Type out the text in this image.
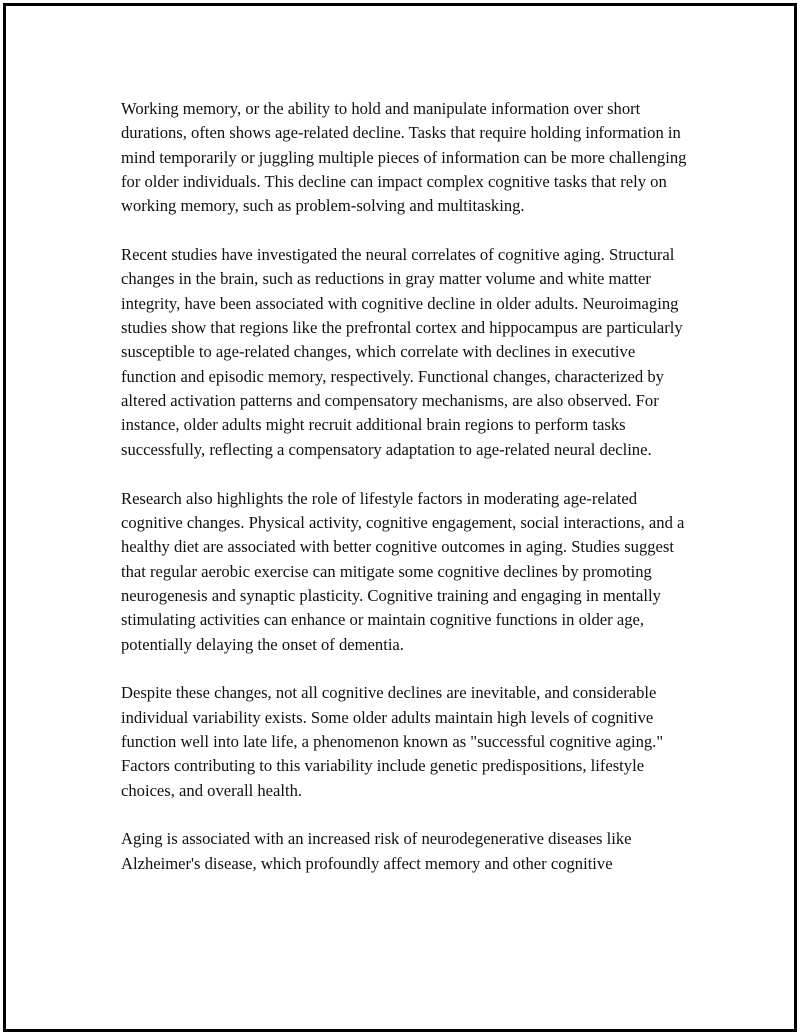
Working memory, or the ability to hold and manipulate information over short durations, often shows age-related decline. Tasks that require holding information in mind temporarily or juggling multiple pieces of information can be more challenging for older individuals. This decline can impact complex cognitive tasks that rely on working memory, such as problem-solving and multitasking.

Recent studies have investigated the neural correlates of cognitive aging. Structural changes in the brain, such as reductions in gray matter volume and white matter integrity, have been associated with cognitive decline in older adults. Neuroimaging studies show that regions like the prefrontal cortex and hippocampus are particularly susceptible to age-related changes, which correlate with declines in executive function and episodic memory, respectively. Functional changes, characterized by altered activation patterns and compensatory mechanisms, are also observed. For instance, older adults might recruit additional brain regions to perform tasks successfully, reflecting a compensatory adaptation to age-related neural decline.

Research also highlights the role of lifestyle factors in moderating age-related cognitive changes. Physical activity, cognitive engagement, social interactions, and a healthy diet are associated with better cognitive outcomes in aging. Studies suggest that regular aerobic exercise can mitigate some cognitive declines by promoting neurogenesis and synaptic plasticity. Cognitive training and engaging in mentally stimulating activities can enhance or maintain cognitive functions in older age, potentially delaying the onset of dementia.

Despite these changes, not all cognitive declines are inevitable, and considerable individual variability exists. Some older adults maintain high levels of cognitive function well into late life, a phenomenon known as "successful cognitive aging." Factors contributing to this variability include genetic predispositions, lifestyle choices, and overall health.

Aging is associated with an increased risk of neurodegenerative diseases like Alzheimer's disease, which profoundly affect memory and other cognitive
